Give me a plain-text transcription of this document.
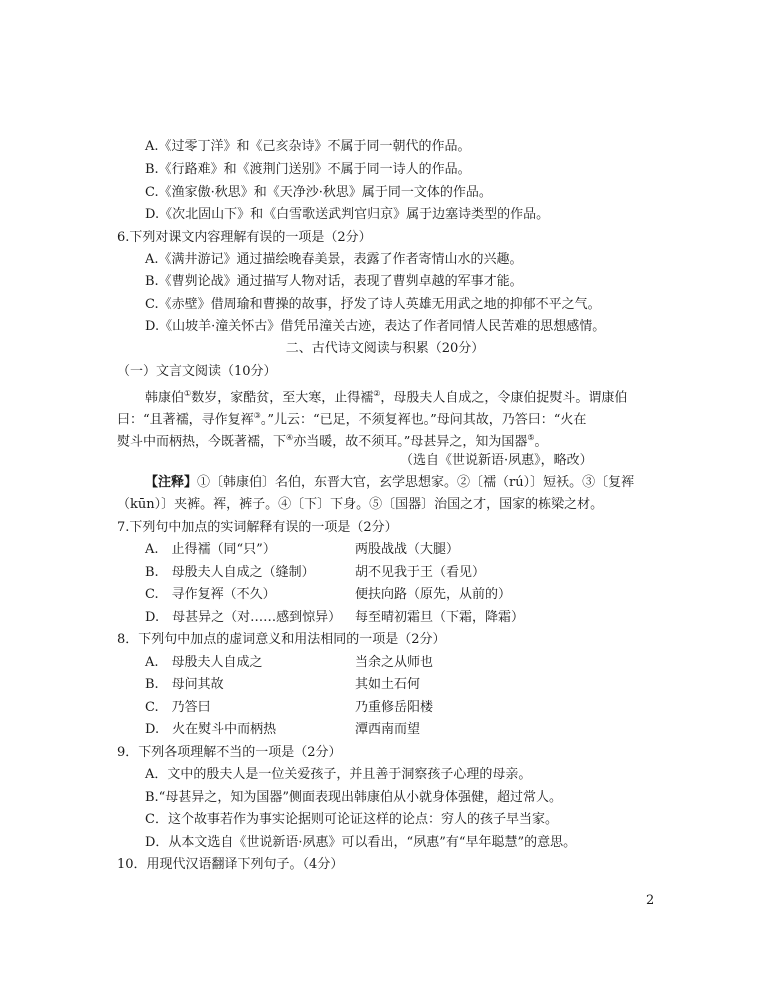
A.《过零丁洋》和《己亥杂诗》不属于同一朝代的作品。
B.《行路难》和《渡荆门送别》不属于同一诗人的作品。
C.《渔家傲·秋思》和《天净沙·秋思》属于同一文体的作品。
D.《次北固山下》和《白雪歌送武判官归京》属于边塞诗类型的作品。
6.下列对课文内容理解有误的一项是（2分）
A.《满井游记》通过描绘晚春美景，表露了作者寄情山水的兴趣。
B.《曹刿论战》通过描写人物对话，表现了曹刿卓越的军事才能。
C.《赤壁》借周瑜和曹操的故事，抒发了诗人英雄无用武之地的抑郁不平之气。
D.《山坡羊·潼关怀古》借凭吊潼关古迹，表达了作者同情人民苦难的思想感情。
二、古代诗文阅读与积累（20分）
（一）文言文阅读（10分）
韩康伯①数岁，家酷贫，至大寒，止得襦②，母殷夫人自成之，令康伯捉熨斗。谓康伯
曰：“且著襦，寻作复裈③。”儿云：“已足，不须复裈也。”母问其故，乃答曰：“火在
熨斗中而柄热，今既著襦，下④亦当暖，故不须耳。”母甚异之，知为国器⑤。
（选自《世说新语·夙惠》，略改）
【注释】①〔韩康伯〕名伯，东晋大官，玄学思想家。②〔襦（rú）〕短袄。③〔复裈
（kūn）〕夹裤。裈，裤子。④〔下〕下身。⑤〔国器〕治国之才，国家的栋梁之材。
7.下列句中加点的实词解释有误的一项是（2分）
A.　止得襦（同“只”）	两股战战（大腿）
B.　母殷夫人自成之（缝制）	胡不见我于王（看见）
C.　寻作复裈（不久）	便扶向路（原先，从前的）
D.　母甚异之（对……感到惊异） 每至晴初霜旦（下霜，降霜）
8．下列句中加点的虚词意义和用法相同的一项是（2分）
A.　母殷夫人自成之	当余之从师也
B.　母问其故	其如土石何
C.　乃答曰	乃重修岳阳楼
D.　火在熨斗中而柄热	潭西南而望
9．下列各项理解不当的一项是（2分）
A．文中的殷夫人是一位关爱孩子，并且善于洞察孩子心理的母亲。
B.“母甚异之，知为国器”侧面表现出韩康伯从小就身体强健，超过常人。
C．这个故事若作为事实论据则可论证这样的论点：穷人的孩子早当家。
D．从本文选自《世说新语·夙惠》可以看出，“夙惠”有“早年聪慧”的意思。
10．用现代汉语翻译下列句子。（4分）
2
